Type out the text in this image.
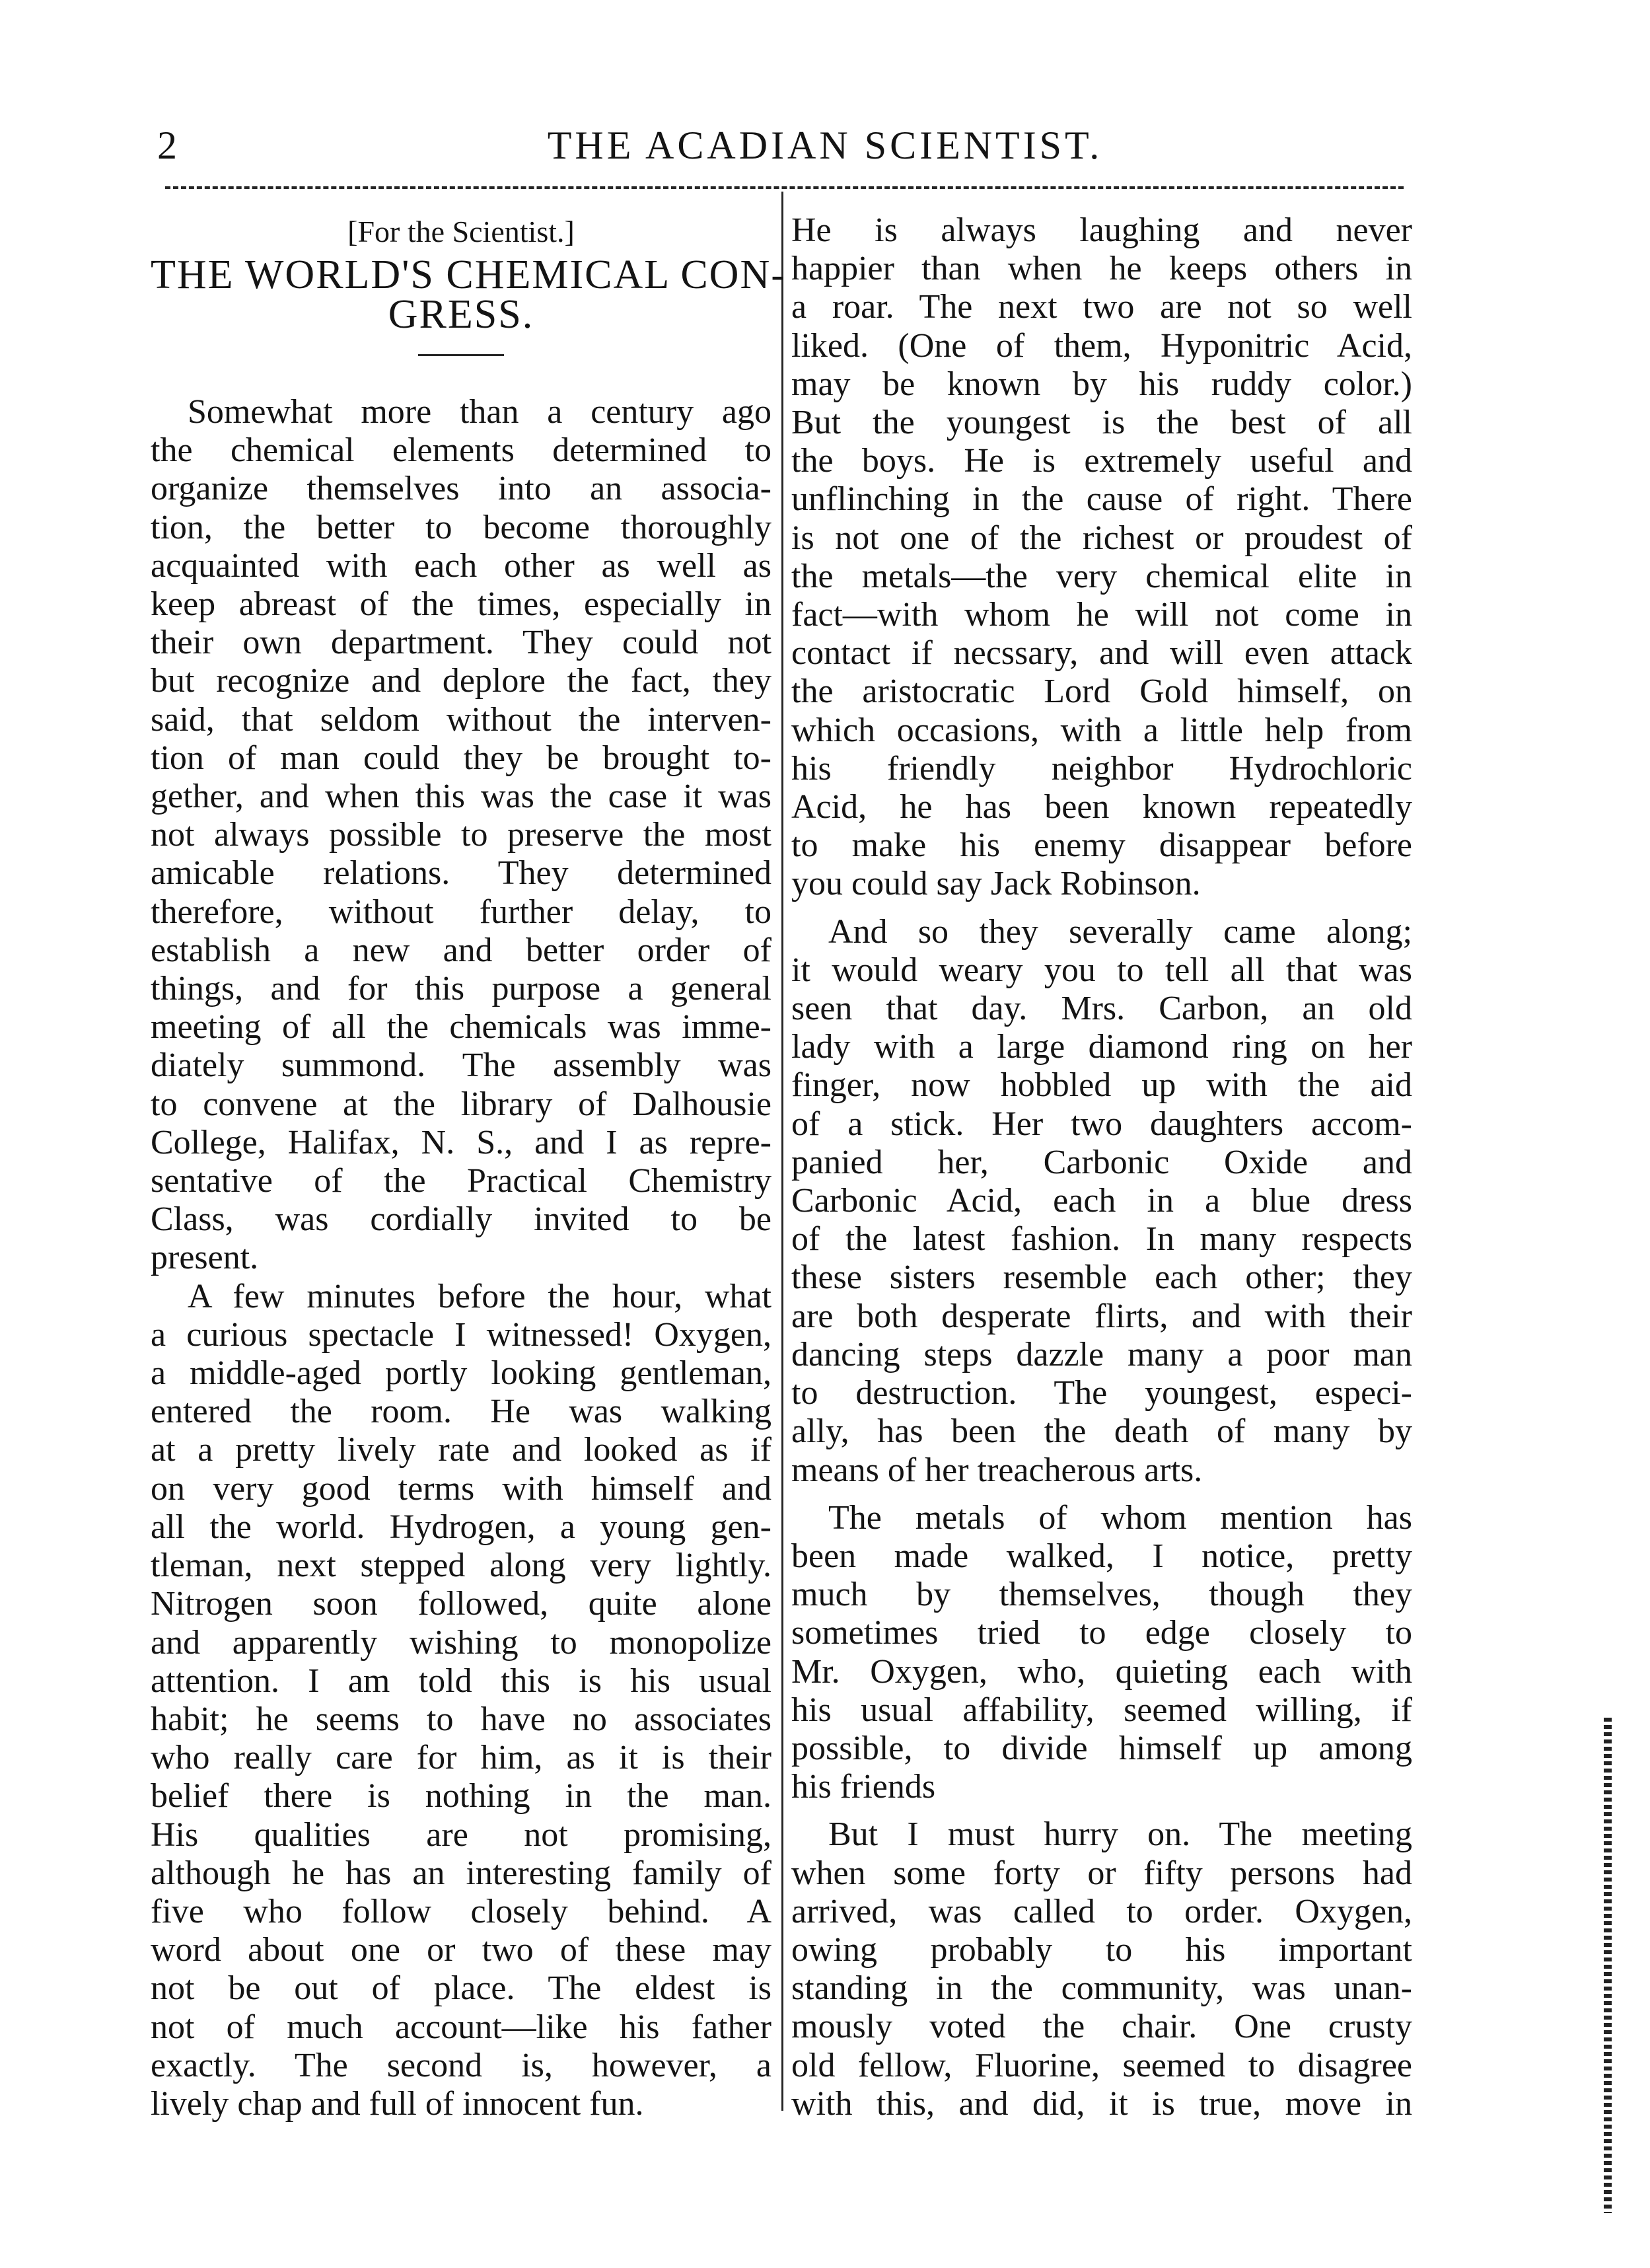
2	THE ACADIAN SCIENTIST.
[For the Scientist.]
THE WORLD'S CHEMICAL CON-
GRESS.
Somewhat more than a century ago
the chemical elements determined to
organize themselves into an associa-
tion, the better to become thoroughly
acquainted with each other as well as
keep abreast of the times, especially in
their own department. They could not
but recognize and deplore the fact, they
said, that seldom without the interven-
tion of man could they be brought to-
gether, and when this was the case it was
not always possible to preserve the most
amicable relations. They determined
therefore, without further delay, to
establish a new and better order of
things, and for this purpose a general
meeting of all the chemicals was imme-
diately summond. The assembly was
to convene at the library of Dalhousie
College, Halifax, N. S., and I as repre-
sentative of the Practical Chemistry
Class, was cordially invited to be
present.
A few minutes before the hour, what
a curious spectacle I witnessed! Oxygen,
a middle-aged portly looking gentleman,
entered the room. He was walking
at a pretty lively rate and looked as if
on very good terms with himself and
all the world. Hydrogen, a young gen-
tleman, next stepped along very lightly.
Nitrogen soon followed, quite alone
and apparently wishing to monopolize
attention. I am told this is his usual
habit; he seems to have no associates
who really care for him, as it is their
belief there is nothing in the man.
His qualities are not promising,
although he has an interesting family of
five who follow closely behind. A
word about one or two of these may
not be out of place. The eldest is
not of much account—like his father
exactly. The second is, however, a
lively chap and full of innocent fun.
He is always laughing and never
happier than when he keeps others in
a roar. The next two are not so well
liked. (One of them, Hyponitric Acid,
may be known by his ruddy color.)
But the youngest is the best of all
the boys. He is extremely useful and
unflinching in the cause of right. There
is not one of the richest or proudest of
the metals—the very chemical elite in
fact—with whom he will not come in
contact if necssary, and will even attack
the aristocratic Lord Gold himself, on
which occasions, with a little help from
his friendly neighbor Hydrochloric
Acid, he has been known repeatedly
to make his enemy disappear before
you could say Jack Robinson.
And so they severally came along;
it would weary you to tell all that was
seen that day. Mrs. Carbon, an old
lady with a large diamond ring on her
finger, now hobbled up with the aid
of a stick. Her two daughters accom-
panied her, Carbonic Oxide and
Carbonic Acid, each in a blue dress
of the latest fashion. In many respects
these sisters resemble each other; they
are both desperate flirts, and with their
dancing steps dazzle many a poor man
to destruction. The youngest, especi-
ally, has been the death of many by
means of her treacherous arts.
The metals of whom mention has
been made walked, I notice, pretty
much by themselves, though they
sometimes tried to edge closely to
Mr. Oxygen, who, quieting each with
his usual affability, seemed willing, if
possible, to divide himself up among
his friends
But I must hurry on. The meeting
when some forty or fifty persons had
arrived, was called to order. Oxygen,
owing probably to his important
standing in the community, was unan-
mously voted the chair. One crusty
old fellow, Fluorine, seemed to disagree
with this, and did, it is true, move in
